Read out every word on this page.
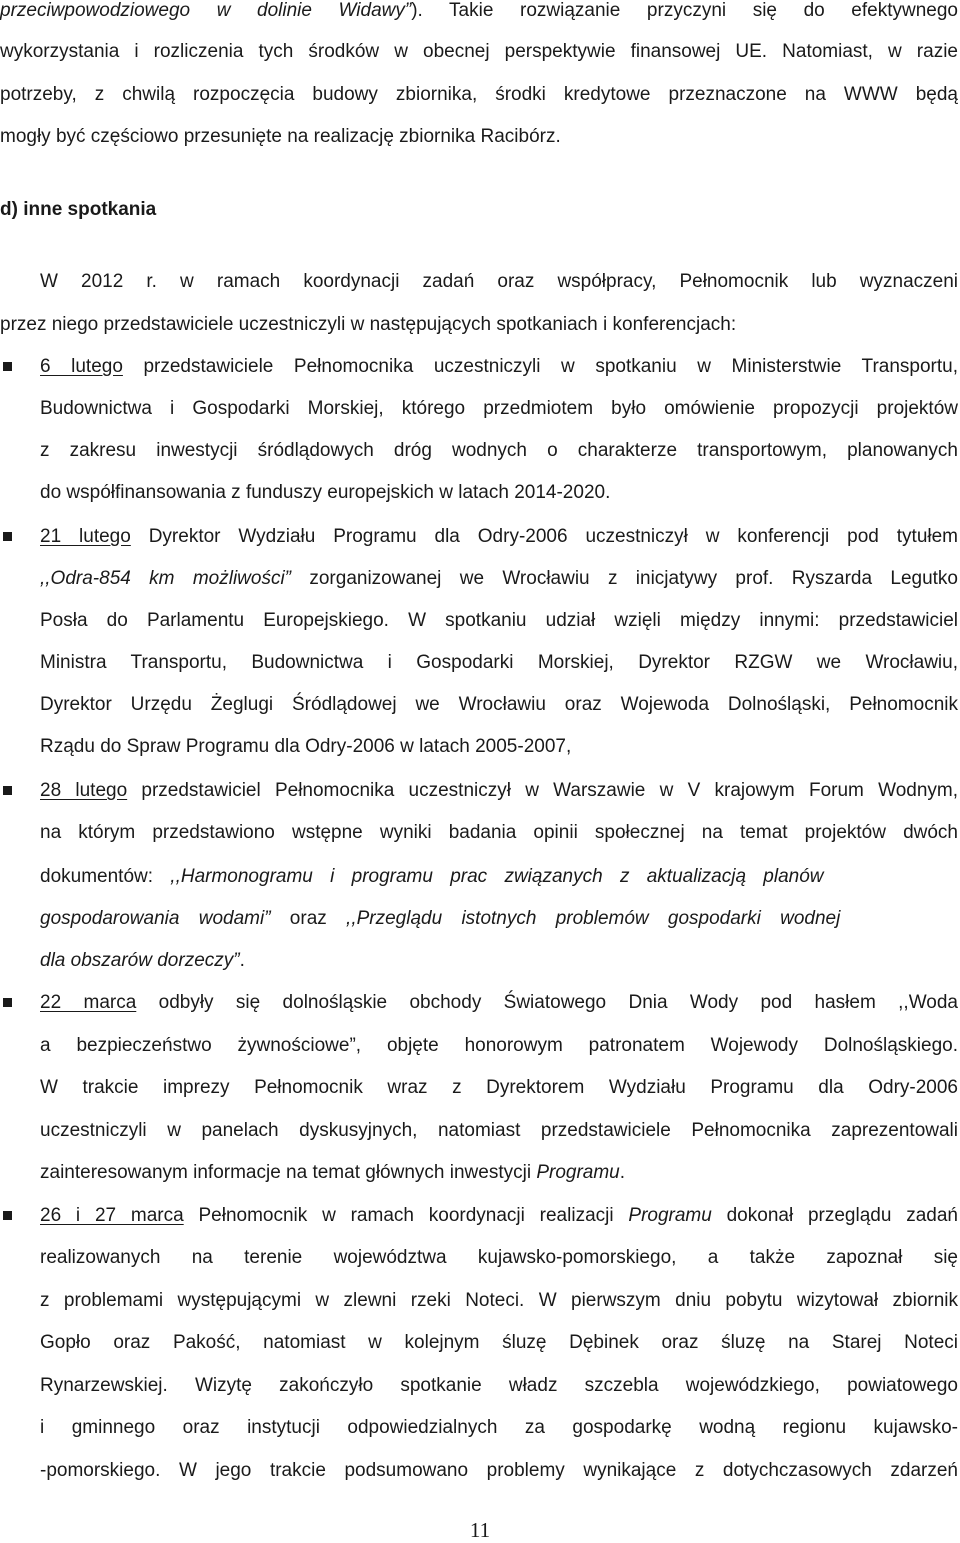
przeciwpowodziowego w dolinie Widawy”). Takie rozwiązanie przyczyni się do efektywnego

wykorzystania i rozliczenia tych środków w obecnej perspektywie finansowej UE. Natomiast, w razie

potrzeby, z chwilą rozpoczęcia budowy zbiornika, środki kredytowe przeznaczone na WWW będą

mogły być częściowo przesunięte na realizację zbiornika Racibórz.

d) inne spotkania

W 2012 r. w ramach koordynacji zadań oraz współpracy, Pełnomocnik lub wyznaczeni

przez niego przedstawiciele uczestniczyli w następujących spotkaniach i konferencjach:

6 lutego przedstawiciele Pełnomocnika uczestniczyli w spotkaniu w Ministerstwie Transportu,

Budownictwa i Gospodarki Morskiej, którego przedmiotem było omówienie propozycji projektów

z zakresu inwestycji śródlądowych dróg wodnych o charakterze transportowym, planowanych

do współfinansowania z funduszy europejskich w latach 2014-2020.

21 lutego Dyrektor Wydziału Programu dla Odry-2006 uczestniczył w konferencji pod tytułem

,,Odra-854 km możliwości” zorganizowanej we Wrocławiu z inicjatywy prof. Ryszarda Legutko

Posła do Parlamentu Europejskiego. W spotkaniu udział wzięli między innymi: przedstawiciel

Ministra Transportu, Budownictwa i Gospodarki Morskiej, Dyrektor RZGW we Wrocławiu,

Dyrektor Urzędu Żeglugi Śródlądowej we Wrocławiu oraz Wojewoda Dolnośląski, Pełnomocnik

Rządu do Spraw Programu dla Odry-2006 w latach 2005-2007,

28 lutego przedstawiciel Pełnomocnika uczestniczył w Warszawie w V krajowym Forum Wodnym,

na którym przedstawiono wstępne wyniki badania opinii społecznej na temat projektów dwóch

dokumentów: ,,Harmonogramu i programu prac związanych z aktualizacją planów

gospodarowania wodami” oraz ,,Przeglądu istotnych problemów gospodarki wodnej

dla obszarów dorzeczy”.

22 marca odbyły się dolnośląskie obchody Światowego Dnia Wody pod hasłem ,,Woda

a bezpieczeństwo żywnościowe”, objęte honorowym patronatem Wojewody Dolnośląskiego.

W trakcie imprezy Pełnomocnik wraz z Dyrektorem Wydziału Programu dla Odry-2006

uczestniczyli w panelach dyskusyjnych, natomiast przedstawiciele Pełnomocnika zaprezentowali

zainteresowanym informacje na temat głównych inwestycji Programu.

26 i 27 marca Pełnomocnik w ramach koordynacji realizacji Programu dokonał przeglądu zadań

realizowanych na terenie województwa kujawsko-pomorskiego, a także zapoznał się

z problemami występującymi w zlewni rzeki Noteci. W pierwszym dniu pobytu wizytował zbiornik

Gopło oraz Pakość, natomiast w kolejnym śluzę Dębinek oraz śluzę na Starej Noteci

Rynarzewskiej. Wizytę zakończyło spotkanie władz szczebla wojewódzkiego, powiatowego

i gminnego oraz instytucji odpowiedzialnych za gospodarkę wodną regionu kujawsko-

-pomorskiego. W jego trakcie podsumowano problemy wynikające z dotychczasowych zdarzeń

11
